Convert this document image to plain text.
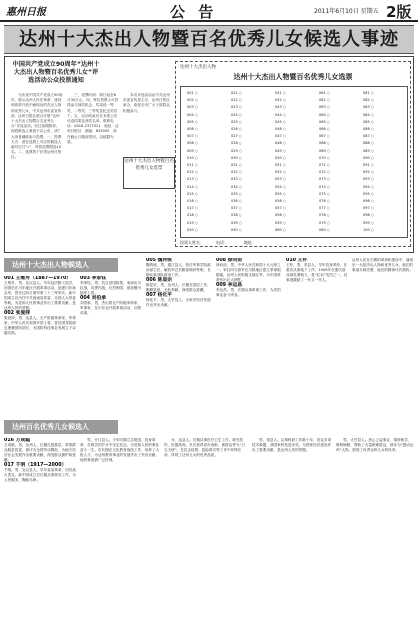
惠州日报	公 告	2011年6月10日 星期五 2版
达州十大杰出人物暨百名优秀儿女候选人事迹
中国共产党成立90周年“达州十大杰出人物暨百名优秀儿女”评选活动公众投票通知
　　为庆祝中国共产党成立90周年，展示达州人民在革命、建设和改革开放中涌现出的杰出人物和优秀儿女，中共达州市委宣传部、达州日报社联合开展“达州十大杰出人物暨百名优秀儿女”评选活动。经过前期推荐，现将候选人事迹予以公布，请广大读者踊跃参与投票。一、投票方式：请在选票上对应的候选人编号后打“√”，每张选票限选10名。二、选票剪下后寄达州日报社。
　　三、投票时间：即日起至6月30日止。四、每位投票人可获得参与抽奖机会，奖项设一等奖、二等奖、三等奖及纪念奖若干。五、活动结束后在本报公布评选结果及获奖名单。联系电话：0818-2377021　地址：达州日报社　邮编：635000　请在截止日期前寄回，以邮戳为准。
　　本次评选活动由中共达州市委宣传部主办，达州日报社承办，欢迎全市广大干部群众积极参与。
达州十大杰出人物暨百名优秀儿女选票
达州十大杰出人物
达州十大杰出人物暨百名优秀儿女选票
001 ○
002 ○
003 ○
004 ○
005 ○
006 ○
007 ○
008 ○
009 ○
010 ○
011 ○
012 ○
013 ○
014 ○
015 ○
016 ○
017 ○
018 ○
019 ○
020 ○
021 ○
022 ○
023 ○
024 ○
025 ○
026 ○
027 ○
028 ○
029 ○
030 ○
031 ○
032 ○
033 ○
034 ○
035 ○
036 ○
037 ○
038 ○
039 ○
040 ○
041 ○
042 ○
043 ○
044 ○
045 ○
046 ○
047 ○
048 ○
049 ○
050 ○
051 ○
052 ○
053 ○
054 ○
055 ○
056 ○
057 ○
058 ○
059 ○
060 ○
061 ○
062 ○
063 ○
064 ○
065 ○
066 ○
067 ○
068 ○
069 ○
070 ○
071 ○
072 ○
073 ○
074 ○
075 ○
076 ○
077 ○
078 ○
079 ○
080 ○
081 ○
082 ○
083 ○
084 ○
085 ○
086 ○
087 ○
088 ○
089 ○
090 ○
091 ○
092 ○
093 ○
094 ○
095 ○
096 ○
097 ○
098 ○
099 ○
100 ○
投票人姓名：　　　电话：　　　　地址：
达州十大杰出人物候选人
达州百名优秀儿女候选人
001 王维舟（1887—1970）
王维舟，男，宣汉县人。早年赴法勤工俭学，回国后在川东地区开展革命活动，创建川东游击军，曾任红四方面军第三十三军军长，新中国成立后历任中共西南局常委、全国人大常委等职，为党和人民的事业作出了重要贡献，是达州人民的骄傲。
002 张爱萍
张爱萍，男，达县人。无产阶级革命家、军事家，中华人民共和国开国上将，曾任国务院副总理兼国防部长，为国防科技事业发展立下卓越功勋。
003 李家钰
李家钰，男，抗日爱国将领，率部出川抗战，英勇作战，壮烈殉国，被追赠为陆军上将。
004 刘伯承
刘伯承，男，杰出的无产阶级革命家、军事家，在川东北开展革命活动，功勋卓著。
005 魏传统
魏传统，男，通江县人，曾任军事学院政治部主任、解放军总后勤部顾问等职，长期从事部队政治工作。
006 陈显宗
陈显宗，男，达州人，长期在基层工作，勤勤恳恳，无私奉献，深受群众爱戴。
007 杨化平
杨化平，男，大竹县人，为家乡经济发展作出突出贡献。
008 徐向前
徐向前，男，中华人民共和国十大元帅之一，率红四方面军在川陕地区建立革命根据地，达州人民积极支援红军，为中国革命作出巨大牺牲。
009 李运昌
李运昌，男，长期从事革命工作，为党的事业奋斗终身。
010 王朴
王朴，男，渠县人，早年投身革命，在重庆从事地下工作，1949年在重庆渣滓洞英勇就义，是“红岩”英烈之一，其事迹激励了一代又一代人。
达州人民在长期的革命和建设中，涌现出一大批杰出人物和优秀儿女，他们的事迹永载史册，他们的精神代代相传。
016 万成聪
万成聪，男，达州人，长期扎根基层，带领群众脱贫致富，被评为全国劳动模范，为地方经济社会发展作出重要贡献，深受群众拥护和爱戴。
017 千明（1917—2000）
千明，男，宣汉县人，早年参加革命，历经战火洗礼，新中国成立后长期从事领导工作，为人民服务，鞠躬尽瘁。
　　男，开江县人。少年时期立志报国，投身革命，在艰苦的岁月中坚定信念，为党和人民的事业奋斗一生。后长期在文化教育战线工作，培养了大批人才，为达州教育事业的发展作出了突出贡献。他的事迹被广泛传颂。
　　女，达县人。长期从事医疗卫生工作，救死扶伤，医德高尚，多次获得省市表彰，被群众誉为“白衣天使”。在抗击疫情、抢险救灾等工作中冲锋在前，体现了达州儿女的优秀品质。
　　男，渠县人。从事科研工作数十年，攻克多项技术难题，获国家科技进步奖，为国家经济建设作出了重要贡献，是达州人民的骄傲。
　　男，大竹县人。热心公益事业，捐资助学、修桥铺路，帮助了大量困难群众，被评为“感动达州”人物，展现了优秀达州儿女的风采。
